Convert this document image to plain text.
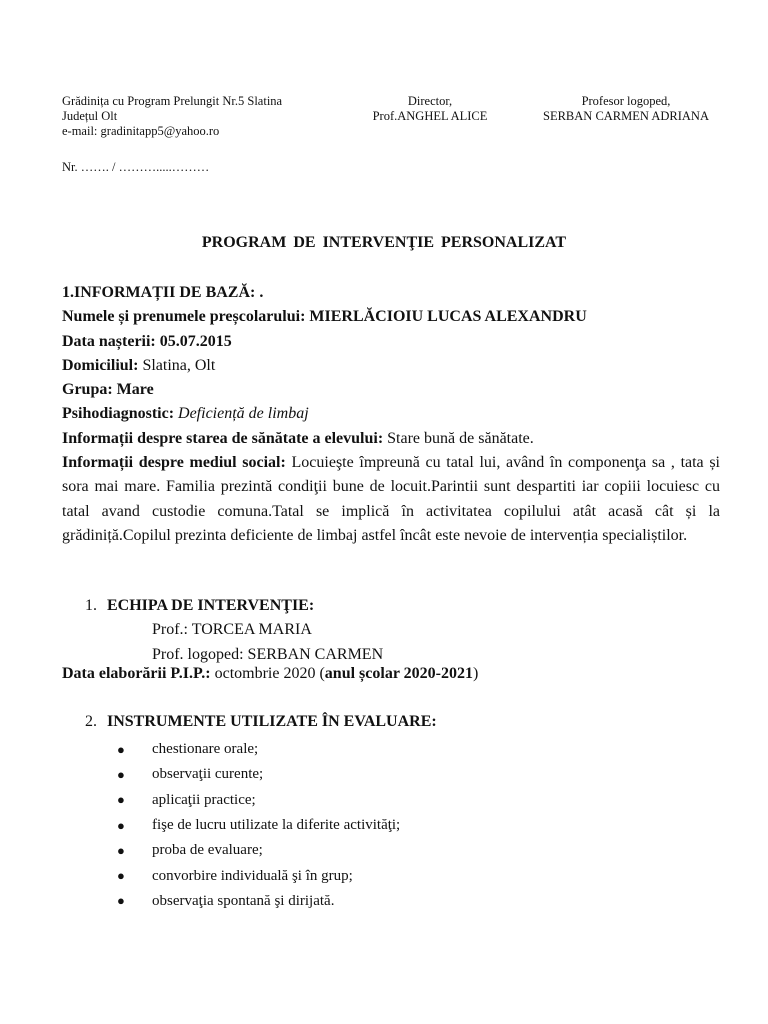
Grădinița cu Program Prelungit Nr.5 Slatina
Județul Olt
e-mail: gradinitapp5@yahoo.ro
Director,
Prof.ANGHEL ALICE
Profesor logoped,
SERBAN CARMEN ADRIANA
Nr. ……. / ……….....………
PROGRAM DE INTERVENŢIE PERSONALIZAT

1.INFORMAȚII DE BAZĂ: .

Numele și prenumele preșcolarului: MIERLĂCIOIU LUCAS ALEXANDRU

Data nașterii: 05.07.2015

Domiciliul: Slatina, Olt

Grupa: Mare

Psihodiagnostic: Deficiență de limbaj

Informații despre starea de sănătate a elevului: Stare bună de sănătate.

Informații despre mediul social: Locuieşte împreună cu tatal lui, având în componenţa sa , tata și sora mai mare. Familia prezintă condiţii bune de locuit.Parintii sunt despartiti iar copiii locuiesc cu tatal avand custodie comuna.Tatal se implică în activitatea copilului atât acasă cât și la grădiniță.Copilul prezinta deficiente de limbaj astfel încât este nevoie de intervenția specialiștilor.

1. ECHIPA DE INTERVENŢIE:
Prof.: TORCEA MARIA
Prof. logoped: SERBAN CARMEN
Data elaborării P.I.P.: octombrie 2020 (anul școlar 2020-2021)
2. INSTRUMENTE UTILIZATE ÎN EVALUARE:
●	chestionare orale;
●	observaţii curente;
●	aplicaţii practice;
●	fişe de lucru utilizate la diferite activităţi;
●	proba de evaluare;
●	convorbire individuală şi în grup;
●	observaţia spontană şi dirijată.
